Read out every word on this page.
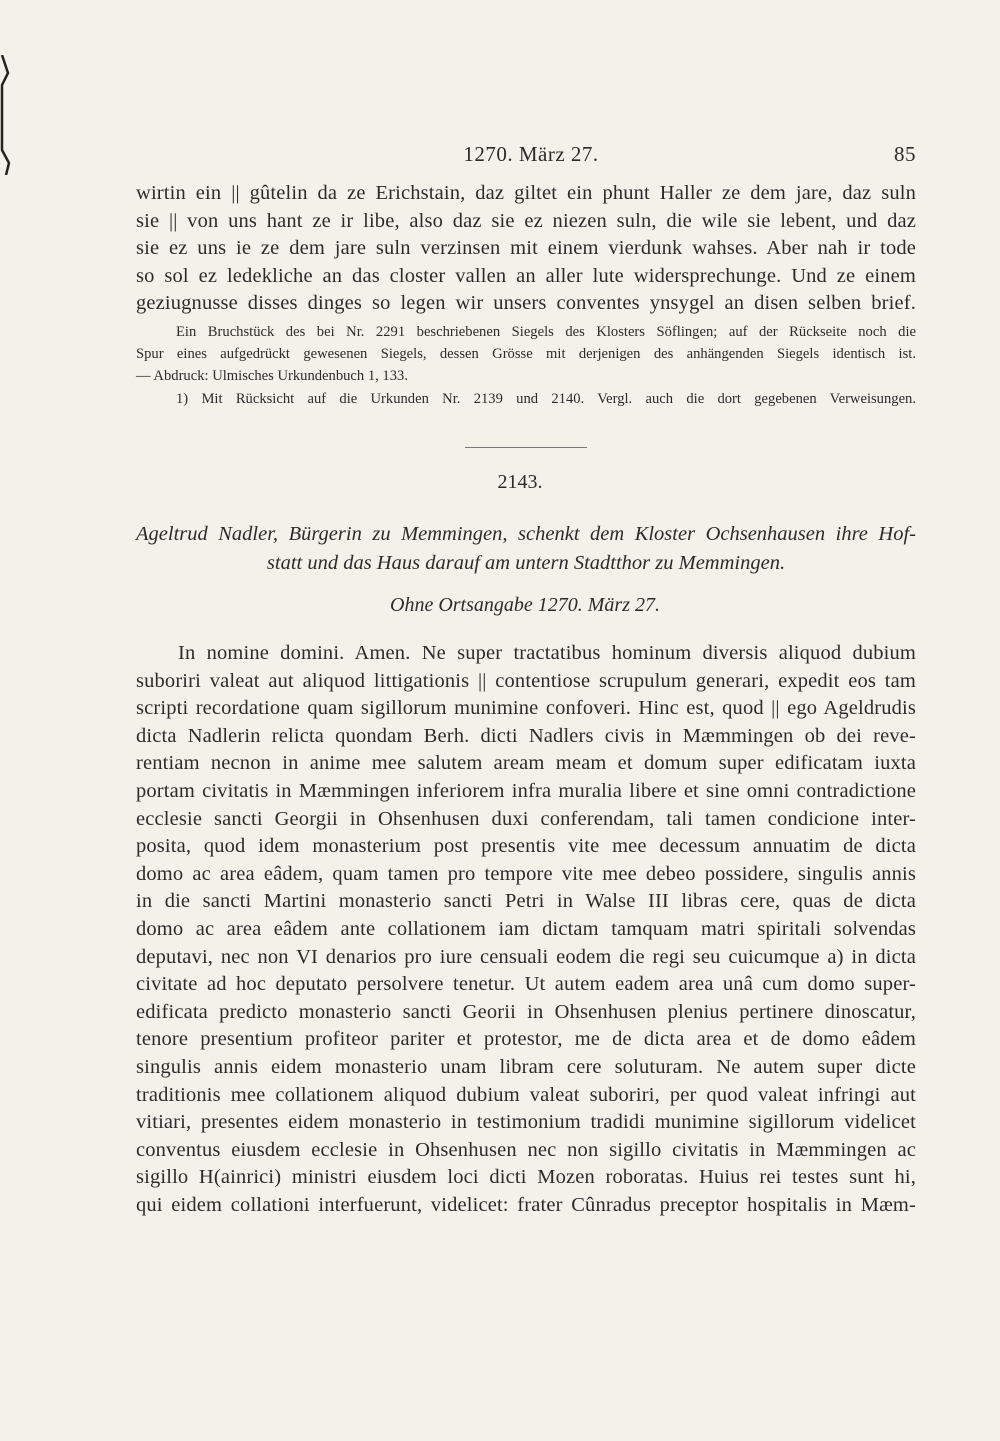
1270. März 27.	85
wirtin ein || gûtelin da ze Erichstain, daz giltet ein phunt Haller ze dem jare, daz suln
sie || von uns hant ze ir libe, also daz sie ez niezen suln, die wile sie lebent, und daz
sie ez uns ie ze dem jare suln verzinsen mit einem vierdunk wahses. Aber nah ir tode
so sol ez ledekliche an das closter vallen an aller lute widersprechunge. Und ze einem
geziugnusse disses dinges so legen wir unsers conventes ynsygel an disen selben brief.
Ein Bruchstück des bei Nr. 2291 beschriebenen Siegels des Klosters Söflingen; auf der Rückseite noch die
Spur eines aufgedrückt gewesenen Siegels, dessen Grösse mit derjenigen des anhängenden Siegels identisch ist.
— Abdruck: Ulmisches Urkundenbuch 1, 133.
1) Mit Rücksicht auf die Urkunden Nr. 2139 und 2140. Vergl. auch die dort gegebenen Verweisungen.
2143.
Ageltrud Nadler, Bürgerin zu Memmingen, schenkt dem Kloster Ochsenhausen ihre Hof-
statt und das Haus darauf am untern Stadtthor zu Memmingen.
Ohne Ortsangabe 1270. März 27.
In nomine domini. Amen. Ne super tractatibus hominum diversis aliquod dubium
suboriri valeat aut aliquod littigationis || contentiose scrupulum generari, expedit eos tam
scripti recordatione quam sigillorum munimine confoveri. Hinc est, quod || ego Ageldrudis
dicta Nadlerin relicta quondam Berh. dicti Nadlers civis in Mæmmingen ob dei reve-
rentiam necnon in anime mee salutem aream meam et domum super edificatam iuxta
portam civitatis in Mæmmingen inferiorem infra muralia libere et sine omni contradictione
ecclesie sancti Georgii in Ohsenhusen duxi conferendam, tali tamen condicione inter-
posita, quod idem monasterium post presentis vite mee decessum annuatim de dicta
domo ac area eâdem, quam tamen pro tempore vite mee debeo possidere, singulis annis
in die sancti Martini monasterio sancti Petri in Walse III libras cere, quas de dicta
domo ac area eâdem ante collationem iam dictam tamquam matri spiritali solvendas
deputavi, nec non VI denarios pro iure censuali eodem die regi seu cuicumque a) in dicta
civitate ad hoc deputato persolvere tenetur. Ut autem eadem area unâ cum domo super-
edificata predicto monasterio sancti Georii in Ohsenhusen plenius pertinere dinoscatur,
tenore presentium profiteor pariter et protestor, me de dicta area et de domo eâdem
singulis annis eidem monasterio unam libram cere soluturam. Ne autem super dicte
traditionis mee collationem aliquod dubium valeat suboriri, per quod valeat infringi aut
vitiari, presentes eidem monasterio in testimonium tradidi munimine sigillorum videlicet
conventus eiusdem ecclesie in Ohsenhusen nec non sigillo civitatis in Mæmmingen ac
sigillo H(ainrici) ministri eiusdem loci dicti Mozen roboratas. Huius rei testes sunt hi,
qui eidem collationi interfuerunt, videlicet: frater Cûnradus preceptor hospitalis in Mæm-
